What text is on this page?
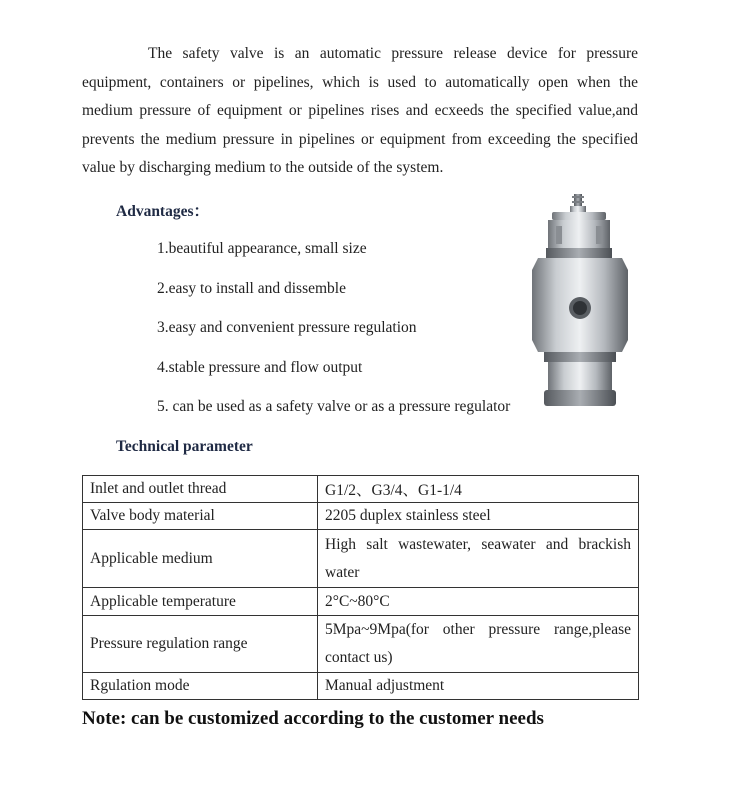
The safety valve is an automatic pressure release device for pressure equipment, containers or pipelines, which is used to automatically open when the medium pressure of equipment or pipelines rises and ecxeeds the specified value,and prevents the medium pressure in pipelines or equipment from exceeding the specified value by discharging medium to the outside of the system.

Advantages：
1.beautiful appearance, small size
2.easy to install and dissemble
3.easy and convenient pressure regulation
4.stable pressure and flow output
5. can be used as a safety valve or as a pressure regulator
Technical parameter
Inlet and outlet thread	G1/2、G3/4、G1-1/4
Valve body material	2205 duplex stainless steel
Applicable medium	High salt wastewater, seawater and brackish water
Applicable temperature	2°C~80°C
Pressure regulation range	5Mpa~9Mpa(for other pressure range,please contact us)
Rgulation mode	Manual adjustment

Note: can be customized according to the customer needs
